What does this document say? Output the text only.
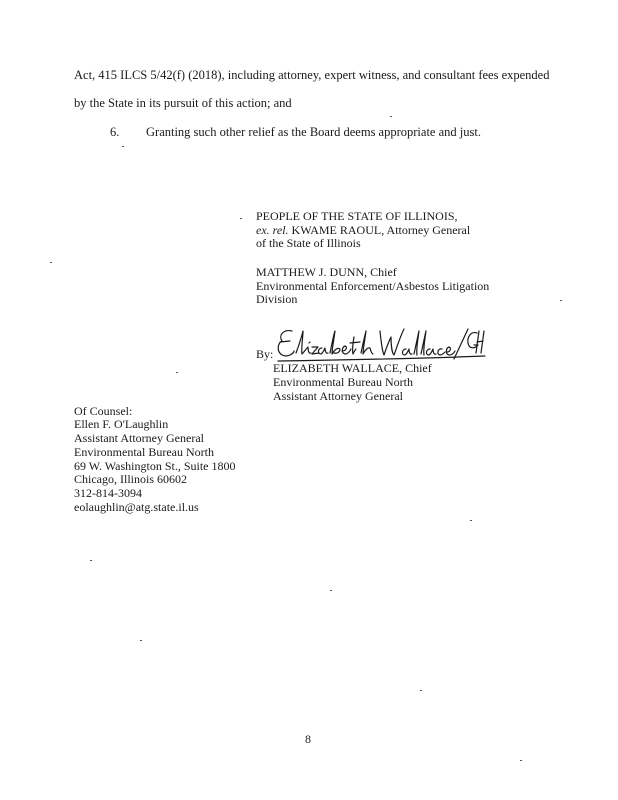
Act, 415 ILCS 5/42(f) (2018), including attorney, expert witness, and consultant fees expended
by the State in its pursuit of this action; and
6. Granting such other relief as the Board deems appropriate and just.
PEOPLE OF THE STATE OF ILLINOIS,
ex. rel. KWAME RAOUL, Attorney General
of the State of Illinois
MATTHEW J. DUNN, Chief
Environmental Enforcement/Asbestos Litigation
Division
By:
ELIZABETH WALLACE, Chief
Environmental Bureau North
Assistant Attorney General
Of Counsel:
Ellen F. O'Laughlin
Assistant Attorney General
Environmental Bureau North
69 W. Washington St., Suite 1800
Chicago, Illinois 60602
312-814-3094
eolaughlin@atg.state.il.us
8
